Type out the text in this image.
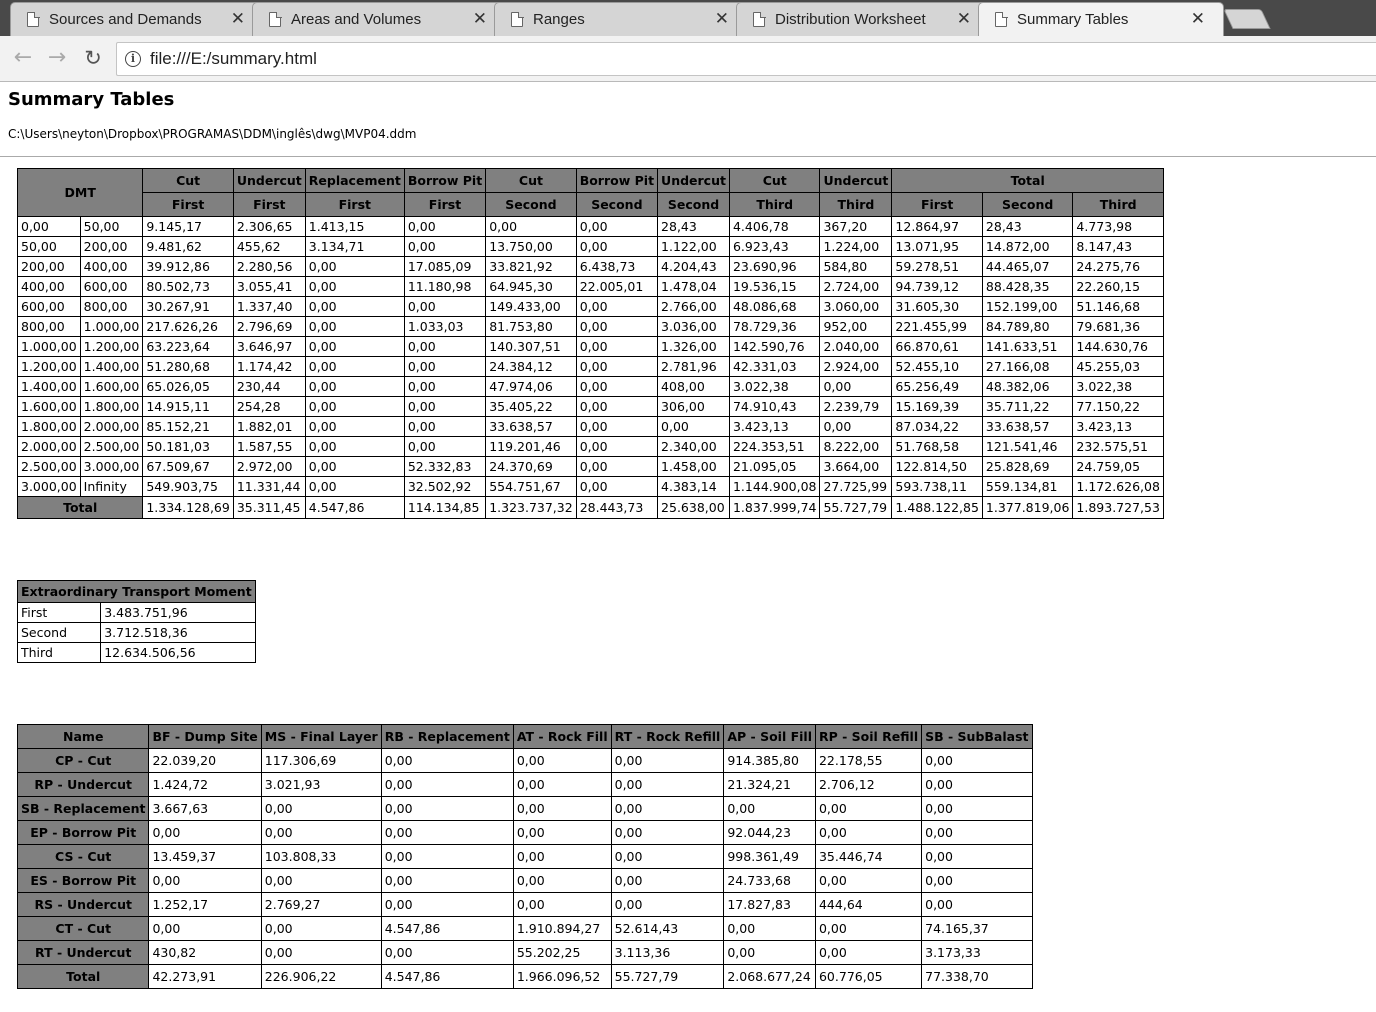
Sources and Demands ✕	Areas and Volumes	✕	Ranges	✕	Distribution Worksheet ✕	Summary Tables	✕
← → ↻	i file:///E:/summary.html
Summary Tables
C:\Users\neyton\Dropbox\PROGRAMAS\DDM\inglês\dwg\MVP04.ddm
DMT		Cut	Undercut	Replacement	Borrow Pit	Cut	Borrow Pit	Undercut	Cut	Undercut	Total		
		First	First	First	First	Second	Second	Second	Third	Third	First	Second	Third
0,00	50,00	9.145,17	2.306,65	1.413,15	0,00	0,00	0,00	28,43	4.406,78	367,20	12.864,97	28,43	4.773,98
50,00	200,00	9.481,62	455,62	3.134,71	0,00	13.750,00	0,00	1.122,00	6.923,43	1.224,00	13.071,95	14.872,00	8.147,43
200,00	400,00	39.912,86	2.280,56	0,00	17.085,09	33.821,92	6.438,73	4.204,43	23.690,96	584,80	59.278,51	44.465,07	24.275,76
400,00	600,00	80.502,73	3.055,41	0,00	11.180,98	64.945,30	22.005,01	1.478,04	19.536,15	2.724,00	94.739,12	88.428,35	22.260,15
600,00	800,00	30.267,91	1.337,40	0,00	0,00	149.433,00	0,00	2.766,00	48.086,68	3.060,00	31.605,30	152.199,00	51.146,68
800,00	1.000,00	217.626,26	2.796,69	0,00	1.033,03	81.753,80	0,00	3.036,00	78.729,36	952,00	221.455,99	84.789,80	79.681,36
1.000,00	1.200,00	63.223,64	3.646,97	0,00	0,00	140.307,51	0,00	1.326,00	142.590,76	2.040,00	66.870,61	141.633,51	144.630,76
1.200,00	1.400,00	51.280,68	1.174,42	0,00	0,00	24.384,12	0,00	2.781,96	42.331,03	2.924,00	52.455,10	27.166,08	45.255,03
1.400,00	1.600,00	65.026,05	230,44	0,00	0,00	47.974,06	0,00	408,00	3.022,38	0,00	65.256,49	48.382,06	3.022,38
1.600,00	1.800,00	14.915,11	254,28	0,00	0,00	35.405,22	0,00	306,00	74.910,43	2.239,79	15.169,39	35.711,22	77.150,22
1.800,00	2.000,00	85.152,21	1.882,01	0,00	0,00	33.638,57	0,00	0,00	3.423,13	0,00	87.034,22	33.638,57	3.423,13
2.000,00	2.500,00	50.181,03	1.587,55	0,00	0,00	119.201,46	0,00	2.340,00	224.353,51	8.222,00	51.768,58	121.541,46	232.575,51
2.500,00	3.000,00	67.509,67	2.972,00	0,00	52.332,83	24.370,69	0,00	1.458,00	21.095,05	3.664,00	122.814,50	25.828,69	24.759,05
3.000,00	Infinity	549.903,75	11.331,44	0,00	32.502,92	554.751,67	0,00	4.383,14	1.144.900,08	27.725,99	593.738,11	559.134,81	1.172.626,08
Total		1.334.128,69	35.311,45	4.547,86	114.134,85	1.323.737,32	28.443,73	25.638,00	1.837.999,74	55.727,79	1.488.122,85	1.377.819,06	1.893.727,53
Extraordinary Transport Moment	
First	3.483.751,96
Second	3.712.518,36
Third	12.634.506,56
Name	BF - Dump Site	MS - Final Layer	RB - Replacement	AT - Rock Fill	RT - Rock Refill	AP - Soil Fill	RP - Soil Refill	SB - SubBalast
CP - Cut	22.039,20	117.306,69	0,00	0,00	0,00	914.385,80	22.178,55	0,00
RP - Undercut	1.424,72	3.021,93	0,00	0,00	0,00	21.324,21	2.706,12	0,00
SB - Replacement	3.667,63	0,00	0,00	0,00	0,00	0,00	0,00	0,00
EP - Borrow Pit	0,00	0,00	0,00	0,00	0,00	92.044,23	0,00	0,00
CS - Cut	13.459,37	103.808,33	0,00	0,00	0,00	998.361,49	35.446,74	0,00
ES - Borrow Pit	0,00	0,00	0,00	0,00	0,00	24.733,68	0,00	0,00
RS - Undercut	1.252,17	2.769,27	0,00	0,00	0,00	17.827,83	444,64	0,00
CT - Cut	0,00	0,00	4.547,86	1.910.894,27	52.614,43	0,00	0,00	74.165,37
RT - Undercut	430,82	0,00	0,00	55.202,25	3.113,36	0,00	0,00	3.173,33
Total	42.273,91	226.906,22	4.547,86	1.966.096,52	55.727,79	2.068.677,24	60.776,05	77.338,70
